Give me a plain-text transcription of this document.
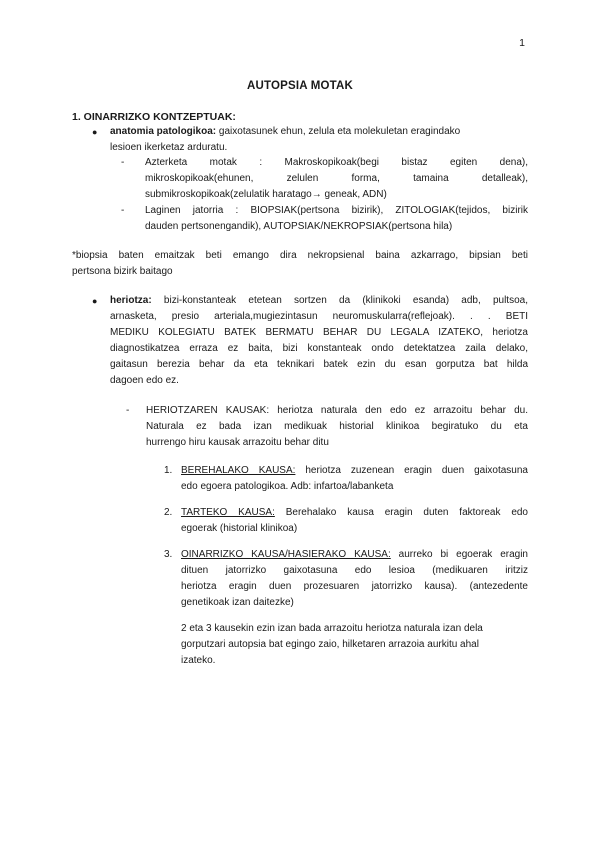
1
AUTOPSIA MOTAK
1. OINARRIZKO KONTZEPTUAK:
● anatomia patologikoa: gaixotasunek ehun, zelula eta molekuletan eragindako
lesioen ikerketaz arduratu.
- Azterketa motak : Makroskopikoak(begi bistaz egiten dena),
mikroskopikoak(ehunen, zelulen forma, tamaina detalleak),
submikroskopikoak(zelulatik haratago→ geneak, ADN)
- Laginen jatorria : BIOPSIAK(pertsona bizirik), ZITOLOGIAK(tejidos, bizirik
dauden pertsonengandik), AUTOPSIAK/NEKROPSIAK(pertsona hila)
*biopsia baten emaitzak beti emango dira nekropsienal baina azkarrago, bipsian beti
pertsona bizirk baitago
● heriotza: bizi-konstanteak etetean sortzen da (klinikoki esanda) adb, pultsoa,
arnasketa, presio arteriala,mugiezintasun neuromuskularra(reflejoak). . . BETI
MEDIKU KOLEGIATU BATEK BERMATU BEHAR DU LEGALA IZATEKO, heriotza
diagnostikatzea erraza ez baita, bizi konstanteak ondo detektatzea zaila delako,
gaitasun berezia behar da eta teknikari batek ezin du esan gorputza bat hilda
dagoen edo ez.
- HERIOTZAREN KAUSAK: heriotza naturala den edo ez arrazoitu behar du.
Naturala ez bada izan medikuak historial klinikoa begiratuko du eta
hurrengo hiru kausak arrazoitu behar ditu
1. BEREHALAKO KAUSA: heriotza zuzenean eragin duen gaixotasuna
edo egoera patologikoa. Adb: infartoa/labanketa
2. TARTEKO KAUSA: Berehalako kausa eragin duten faktoreak edo
egoerak (historial klinikoa)
3. OINARRIZKO KAUSA/HASIERAKO KAUSA: aurreko bi egoerak eragin
dituen jatorrizko gaixotasuna edo lesioa (medikuaren iritziz
heriotza eragin duen prozesuaren jatorrizko kausa). (antezedente
genetikoak izan daitezke)
2 eta 3 kausekin ezin izan bada arrazoitu heriotza naturala izan dela
gorputzari autopsia bat egingo zaio, hilketaren arrazoia aurkitu ahal
izateko.
